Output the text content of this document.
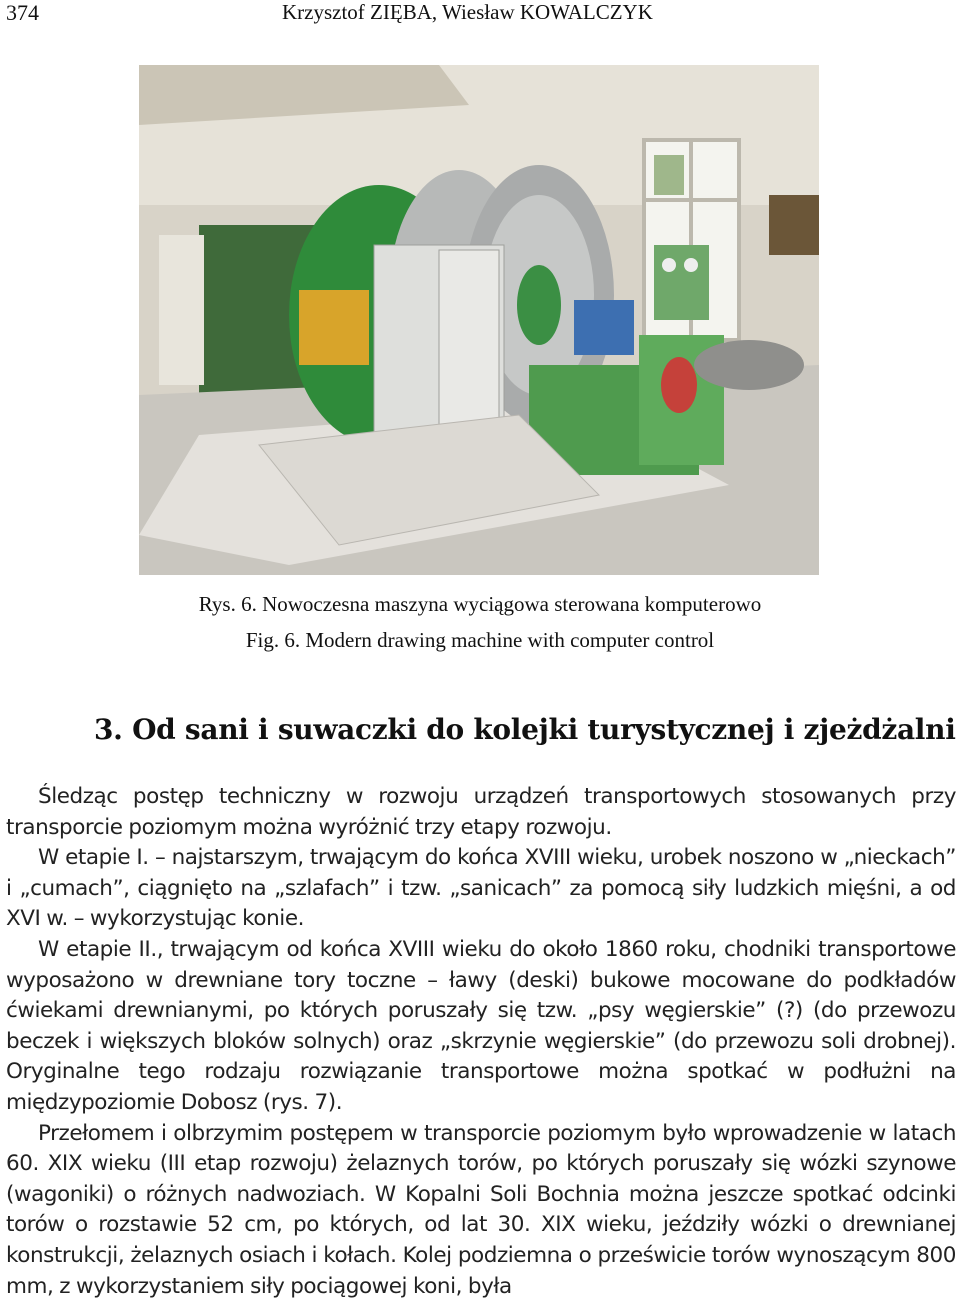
374	Krzysztof ZIĘBA, Wiesław KOWALCZYK
Rys. 6. Nowoczesna maszyna wyciągowa sterowana komputerowo
Fig. 6. Modern drawing machine with computer control
3. Od sani i suwaczki do kolejki turystycznej i zjeżdżalni

Śledząc postęp techniczny w rozwoju urządzeń transportowych stosowanych przy transporcie poziomym można wyróżnić trzy etapy rozwoju.

W etapie I. – najstarszym, trwającym do końca XVIII wieku, urobek noszono w „nieckach” i „cumach”, ciągnięto na „szlafach” i tzw. „sanicach” za pomocą siły ludzkich mięśni, a od XVI w. – wykorzystując konie.

W etapie II., trwającym od końca XVIII wieku do około 1860 roku, chodniki transportowe wyposażono w drewniane tory toczne – ławy (deski) bukowe mocowane do podkładów ćwiekami drewnianymi, po których poruszały się tzw. „psy węgierskie” (?) (do przewozu beczek i większych bloków solnych) oraz „skrzynie węgierskie” (do przewozu soli drobnej). Oryginalne tego rodzaju rozwiązanie transportowe można spotkać w podłużni na międzypoziomie Dobosz (rys. 7).

Przełomem i olbrzymim postępem w transporcie poziomym było wprowadzenie w latach 60. XIX wieku (III etap rozwoju) żelaznych torów, po których poruszały się wózki szynowe (wagoniki) o różnych nadwoziach. W Kopalni Soli Bochnia można jeszcze spotkać odcinki torów o rozstawie 52 cm, po których, od lat 30. XIX wieku, jeździły wózki o drewnianej konstrukcji, żelaznych osiach i kołach. Kolej podziemna o prześwicie torów wynoszącym 800 mm, z wykorzystaniem siły pociągowej koni, była
